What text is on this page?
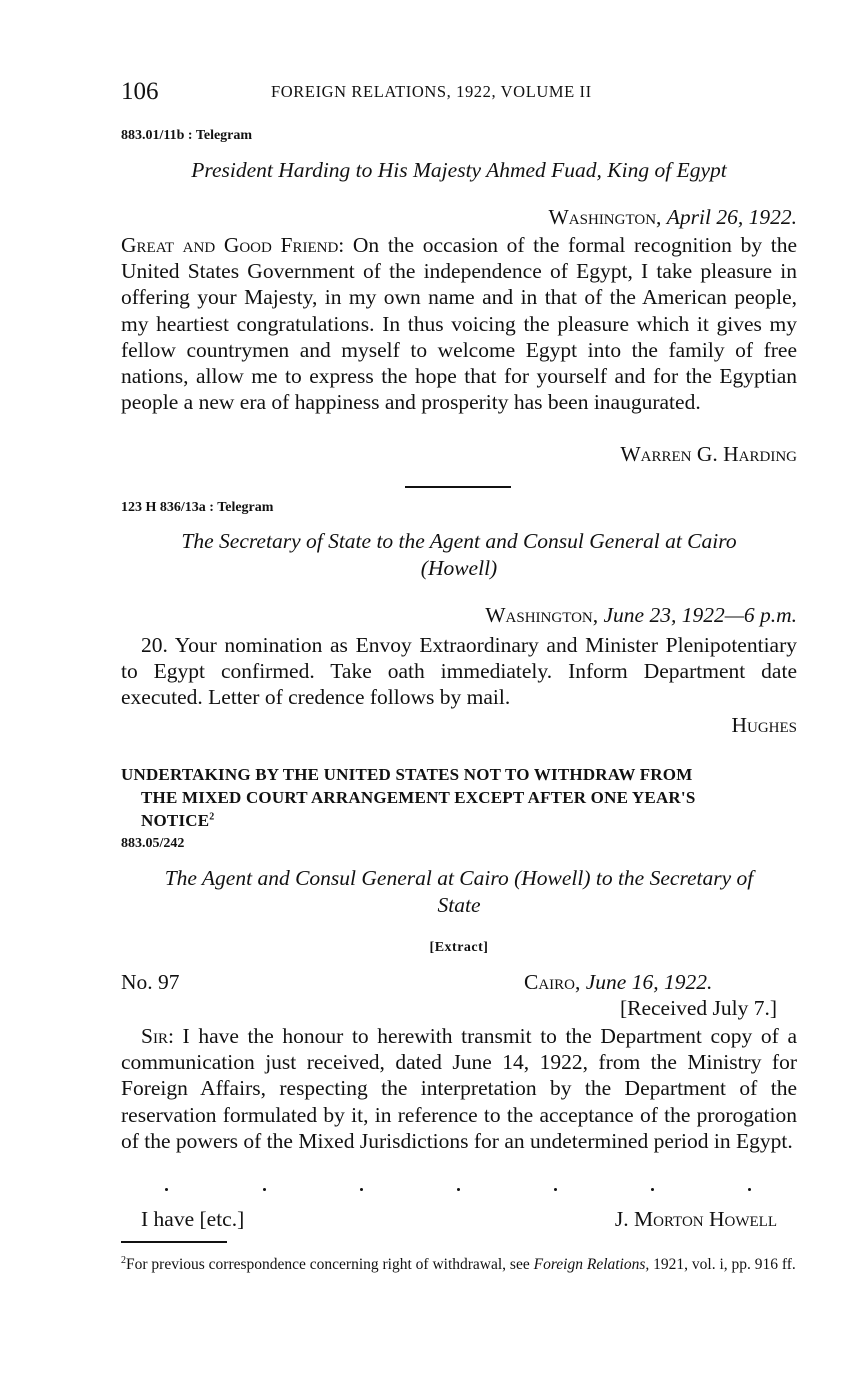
106	FOREIGN RELATIONS, 1922, VOLUME II
883.01/11b : Telegram
President Harding to His Majesty Ahmed Fuad, King of Egypt
Washington, April 26, 1922.
Great and Good Friend: On the occasion of the formal recognition by the United States Government of the independence of Egypt, I take pleasure in offering your Majesty, in my own name and in that of the American people, my heartiest congratulations. In thus voicing the pleasure which it gives my fellow countrymen and myself to welcome Egypt into the family of free nations, allow me to express the hope that for yourself and for the Egyptian people a new era of happiness and prosperity has been inaugurated.
Warren G. Harding
123 H 836/13a : Telegram
The Secretary of State to the Agent and Consul General at Cairo
(Howell)
Washington, June 23, 1922—6 p.m.
20. Your nomination as Envoy Extraordinary and Minister Plenipotentiary to Egypt confirmed. Take oath immediately. Inform Department date executed. Letter of credence follows by mail.
Hughes
UNDERTAKING BY THE UNITED STATES NOT TO WITHDRAW FROM
THE MIXED COURT ARRANGEMENT EXCEPT AFTER ONE YEAR'S
NOTICE$^2$
883.05/242
The Agent and Consul General at Cairo (Howell) to the Secretary of
State
[Extract]
No. 97	Cairo, June 16, 1922.
[Received July 7.]
Sir: I have the honour to herewith transmit to the Department copy of a communication just received, dated June 14, 1922, from the Ministry for Foreign Affairs, respecting the interpretation by the Department of the reservation formulated by it, in reference to the acceptance of the prorogation of the powers of the Mixed Jurisdictions for an undetermined period in Egypt.
I have [etc.]	J. Morton Howell
$^2$For previous correspondence concerning right of withdrawal, see Foreign Relations, 1921, vol. i, pp. 916 ff.
